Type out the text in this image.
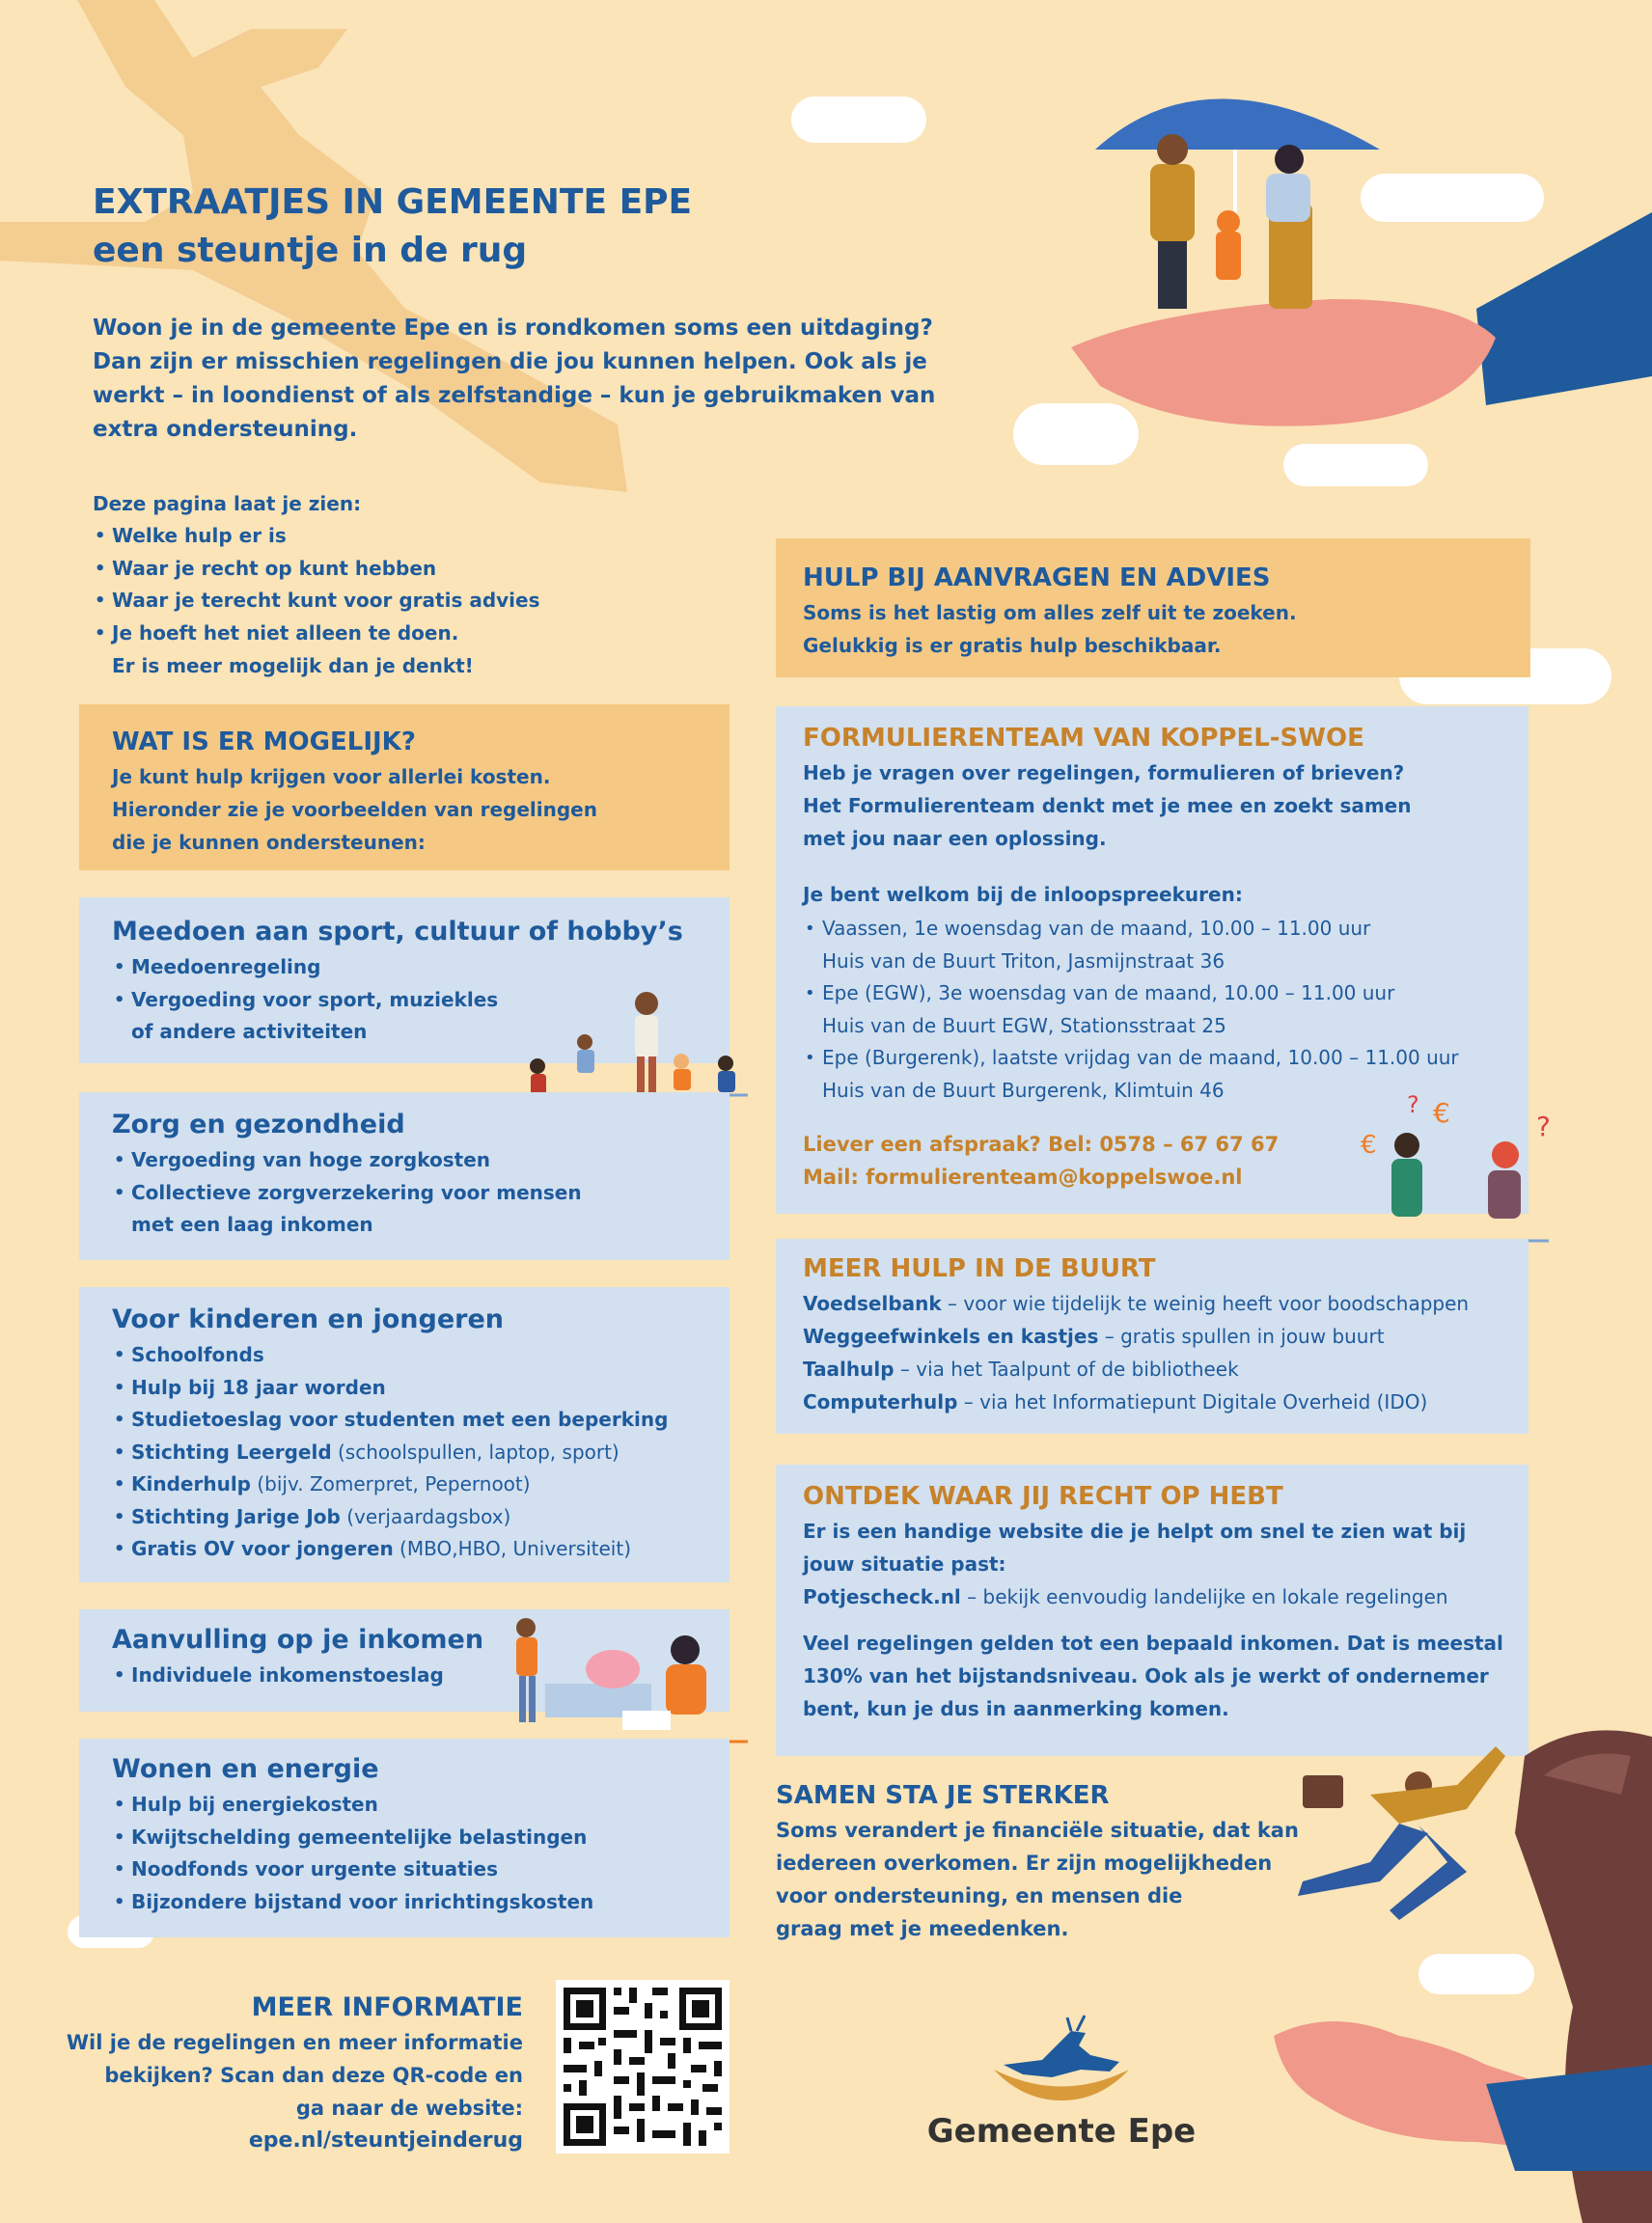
EXTRAATJES IN GEMEENTE EPE
een steuntje in de rug
Woon je in de gemeente Epe en is rondkomen soms een uitdaging? Dan zijn er misschien regelingen die jou kunnen helpen. Ook als je werkt – in loondienst of als zelfstandige – kun je gebruikmaken van extra ondersteuning.
Deze pagina laat je zien:
• Welke hulp er is
• Waar je recht op kunt hebben
• Waar je terecht kunt voor gratis advies
• Je hoeft het niet alleen te doen.
Er is meer mogelijk dan je denkt!
WAT IS ER MOGELIJK?
Je kunt hulp krijgen voor allerlei kosten.
Hieronder zie je voorbeelden van regelingen
die je kunnen ondersteunen:
Meedoen aan sport, cultuur of hobby’s
• Meedoenregeling
• Vergoeding voor sport, muziekles
of andere activiteiten
Zorg en gezondheid
• Vergoeding van hoge zorgkosten
• Collectieve zorgverzekering voor mensen
met een laag inkomen
Voor kinderen en jongeren
• Schoolfonds
• Hulp bij 18 jaar worden
• Studietoeslag voor studenten met een beperking
• Stichting Leergeld (schoolspullen, laptop, sport)
• Kinderhulp (bijv. Zomerpret, Pepernoot)
• Stichting Jarige Job (verjaardagsbox)
• Gratis OV voor jongeren (MBO,HBO, Universiteit)
Aanvulling op je inkomen
• Individuele inkomenstoeslag
Wonen en energie
• Hulp bij energiekosten
• Kwijtschelding gemeentelijke belastingen
• Noodfonds voor urgente situaties
• Bijzondere bijstand voor inrichtingskosten
MEER INFORMATIE
Wil je de regelingen en meer informatie
bekijken? Scan dan deze QR-code en
ga naar de website:
epe.nl/steuntjeinderug
HULP BIJ AANVRAGEN EN ADVIES
Soms is het lastig om alles zelf uit te zoeken.
Gelukkig is er gratis hulp beschikbaar.
FORMULIERENTEAM VAN KOPPEL-SWOE
Heb je vragen over regelingen, formulieren of brieven?
Het Formulierenteam denkt met je mee en zoekt samen
met jou naar een oplossing.
Je bent welkom bij de inloopspreekuren:
• Vaassen, 1e woensdag van de maand, 10.00 – 11.00 uur
Huis van de Buurt Triton, Jasmijnstraat 36
• Epe (EGW), 3e woensdag van de maand, 10.00 – 11.00 uur
Huis van de Buurt EGW, Stationsstraat 25
• Epe (Burgerenk), laatste vrijdag van de maand, 10.00 – 11.00 uur
Huis van de Buurt Burgerenk, Klimtuin 46
Liever een afspraak? Bel: 0578 – 67 67 67
Mail: formulierenteam@koppelswoe.nl
€
€
?
?
MEER HULP IN DE BUURT
Voedselbank – voor wie tijdelijk te weinig heeft voor boodschappen
Weggeefwinkels en kastjes – gratis spullen in jouw buurt
Taalhulp – via het Taalpunt of de bibliotheek
Computerhulp – via het Informatiepunt Digitale Overheid (IDO)
ONTDEK WAAR JIJ RECHT OP HEBT
Er is een handige website die je helpt om snel te zien wat bij
jouw situatie past:
Potjescheck.nl – bekijk eenvoudig landelijke en lokale regelingen
Veel regelingen gelden tot een bepaald inkomen. Dat is meestal
130% van het bijstandsniveau. Ook als je werkt of ondernemer
bent, kun je dus in aanmerking komen.
SAMEN STA JE STERKER
Soms verandert je financiële situatie, dat kan
iedereen overkomen. Er zijn mogelijkheden
voor ondersteuning, en mensen die
graag met je meedenken.
Gemeente Epe
